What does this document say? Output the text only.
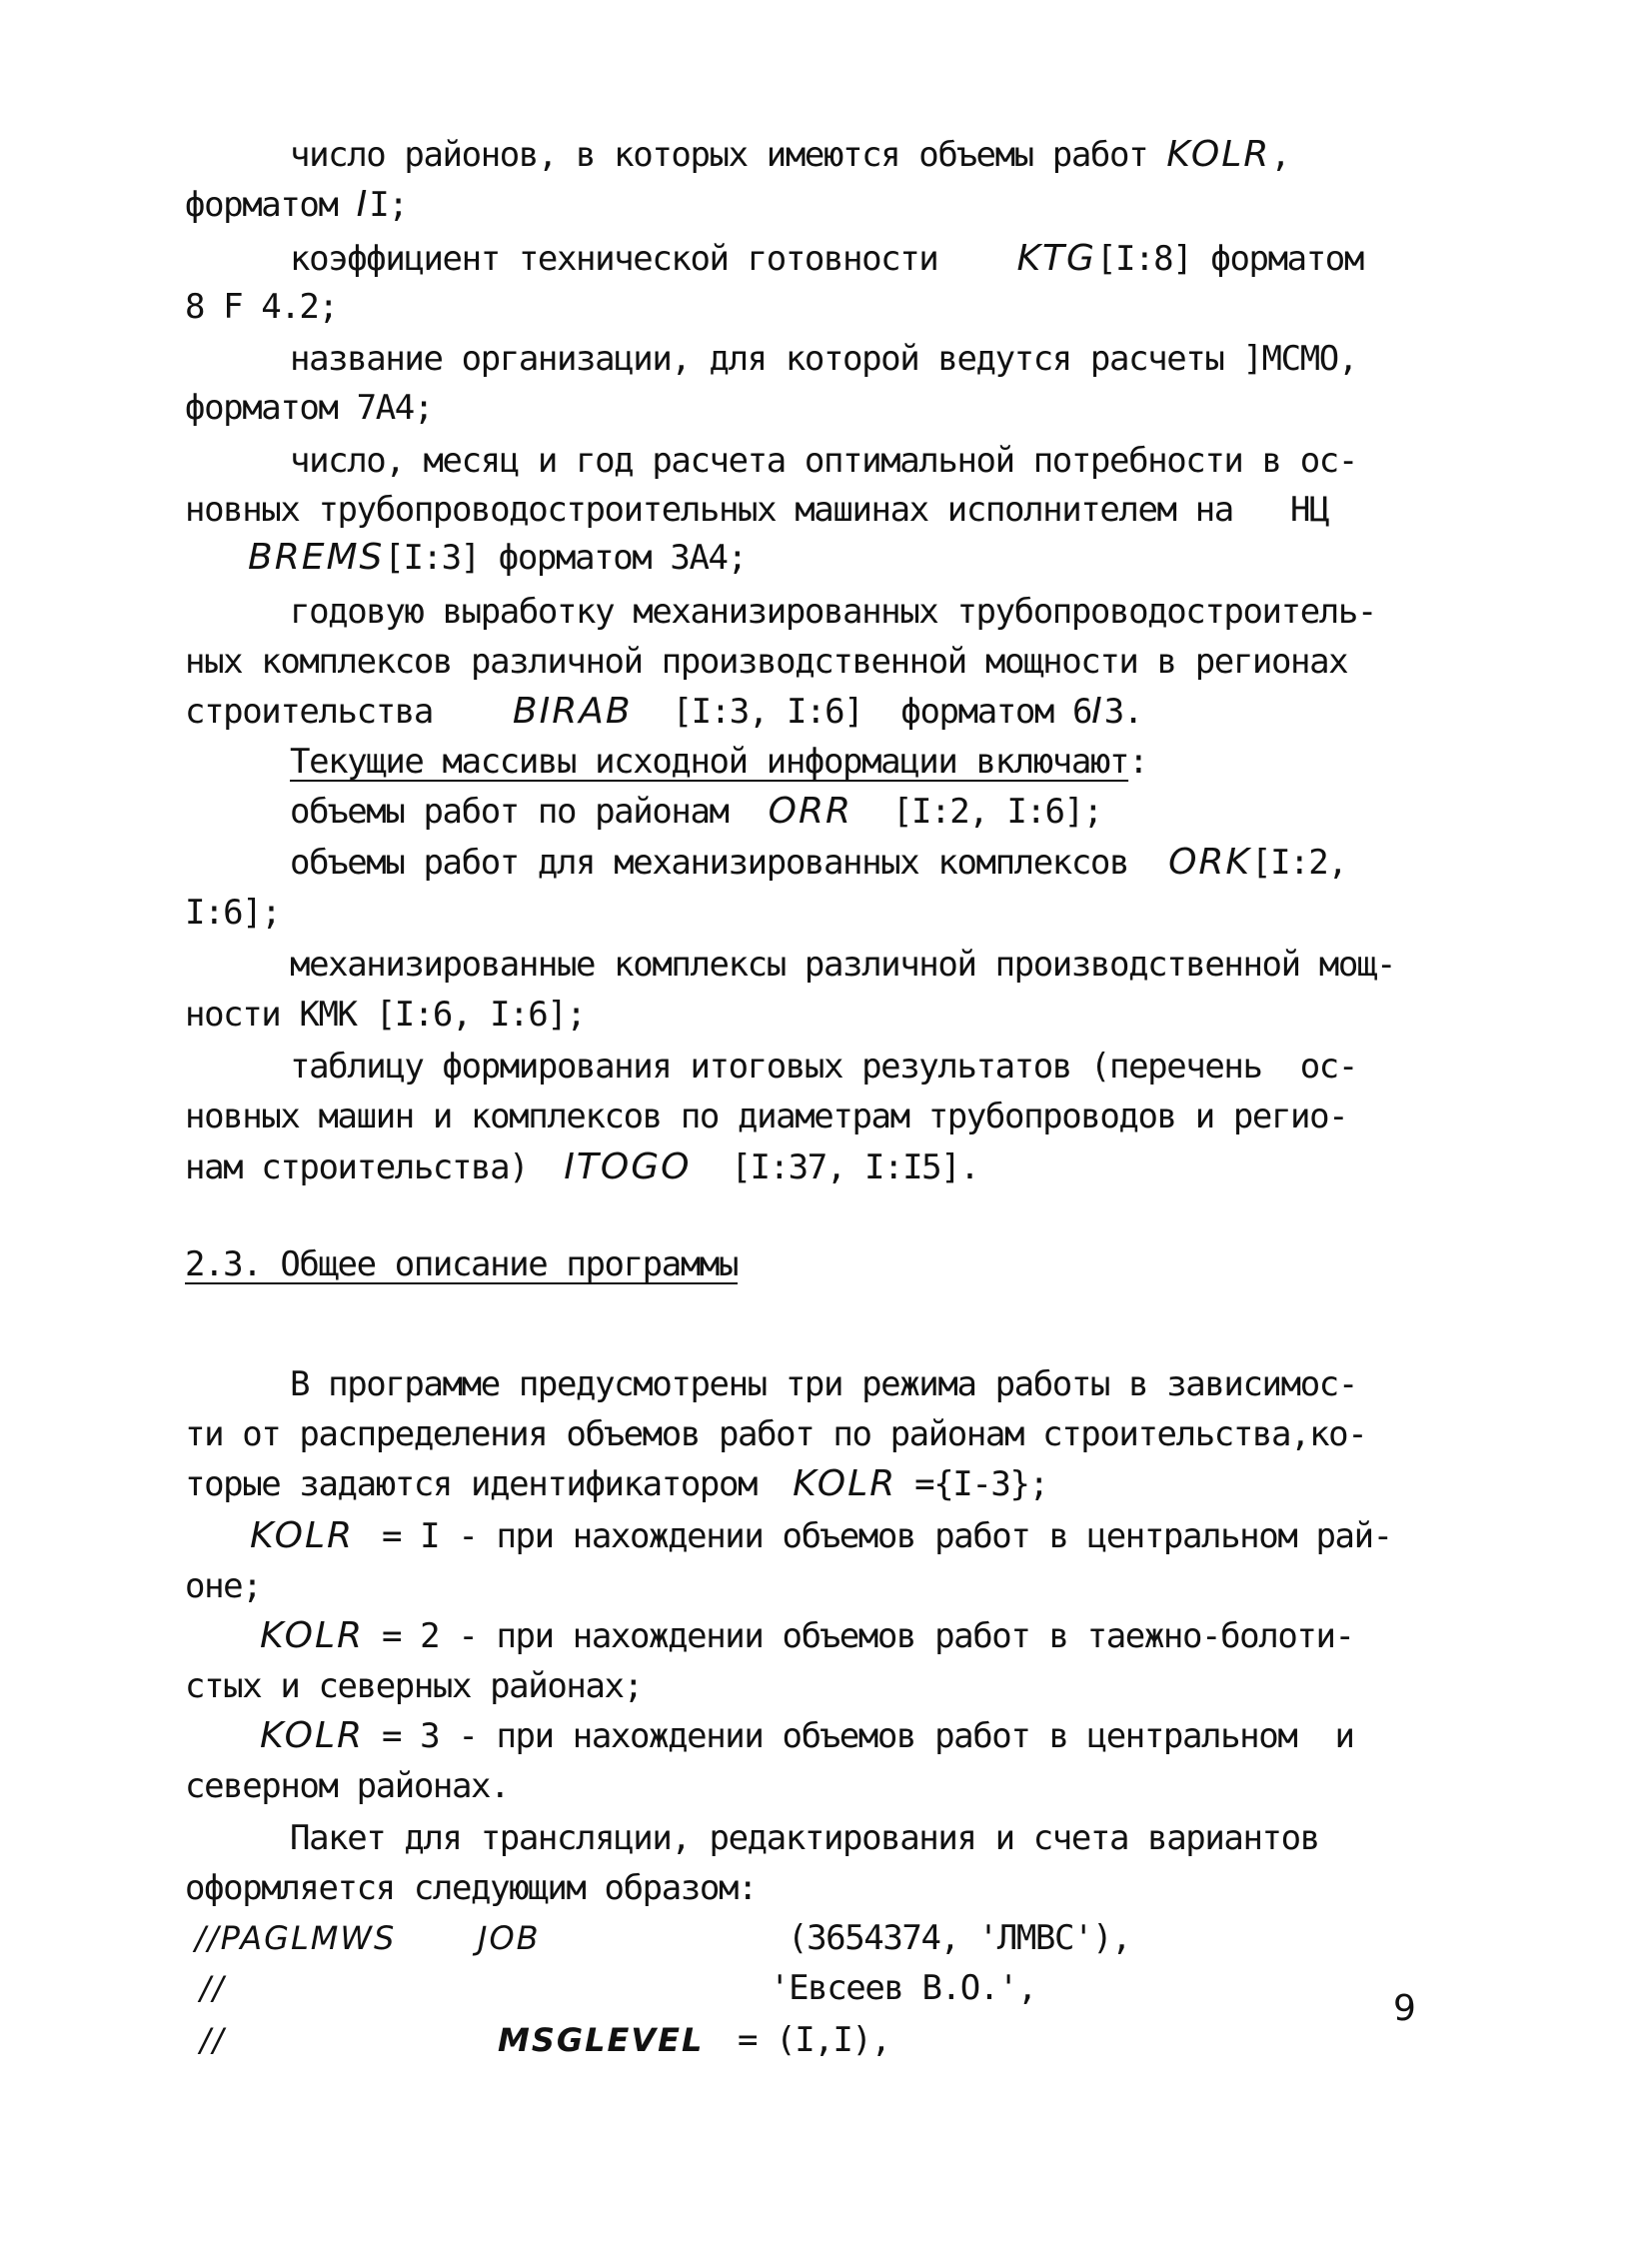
число районов, в которых имеются объемы работ KOLR,
форматом II;
коэффициент технической готовности KTG[I:8] форматом
8 F 4.2;
название организации, для которой ведутся расчеты ]МСМО,
форматом 7А4;
число, месяц и год расчета оптимальной потребности в ос-
новных трубопроводостроительных машинах исполнителем на   НЦ
BREMS[I:3] форматом 3А4;
годовую выработку механизированных трубопроводостроитель-
ных комплексов различной производственной мощности в регионах
строительства BIRAB [I:3, I:6]  форматом 6I3.
Текущие массивы исходной информации включают:
объемы работ по районам ORR [I:2, I:6];
объемы работ для механизированных комплексов ORK[I:2,
I:6];
механизированные комплексы различной производственной мощ-
ности КМК [I:6, I:6];
таблицу формирования итоговых результатов (перечень  ос-
новных машин и комплексов по диаметрам трубопроводов и регио-
нам строительства) ITOGO [I:37, I:I5].
2.3. Общее описание программы
В программе предусмотрены три режима работы в зависимос-
ти от распределения объемов работ по районам строительства,ко-
торые задаются идентификатором KOLR ={I-3};
KOLR = I - при нахождении объемов работ в центральном рай-
оне;
KOLR = 2 - при нахождении объемов работ в таежно-болоти-
стых и северных районах;
KOLR = 3 - при нахождении объемов работ в центральном  и
северном районах.
Пакет для трансляции, редактирования и счета вариантов
оформляется следующим образом:
//PAGLMWS	JOB	(3654374, 'ЛМВС'),
//	'Евсеев В.О.',
//	MSGLEVEL = (I,I),
9
